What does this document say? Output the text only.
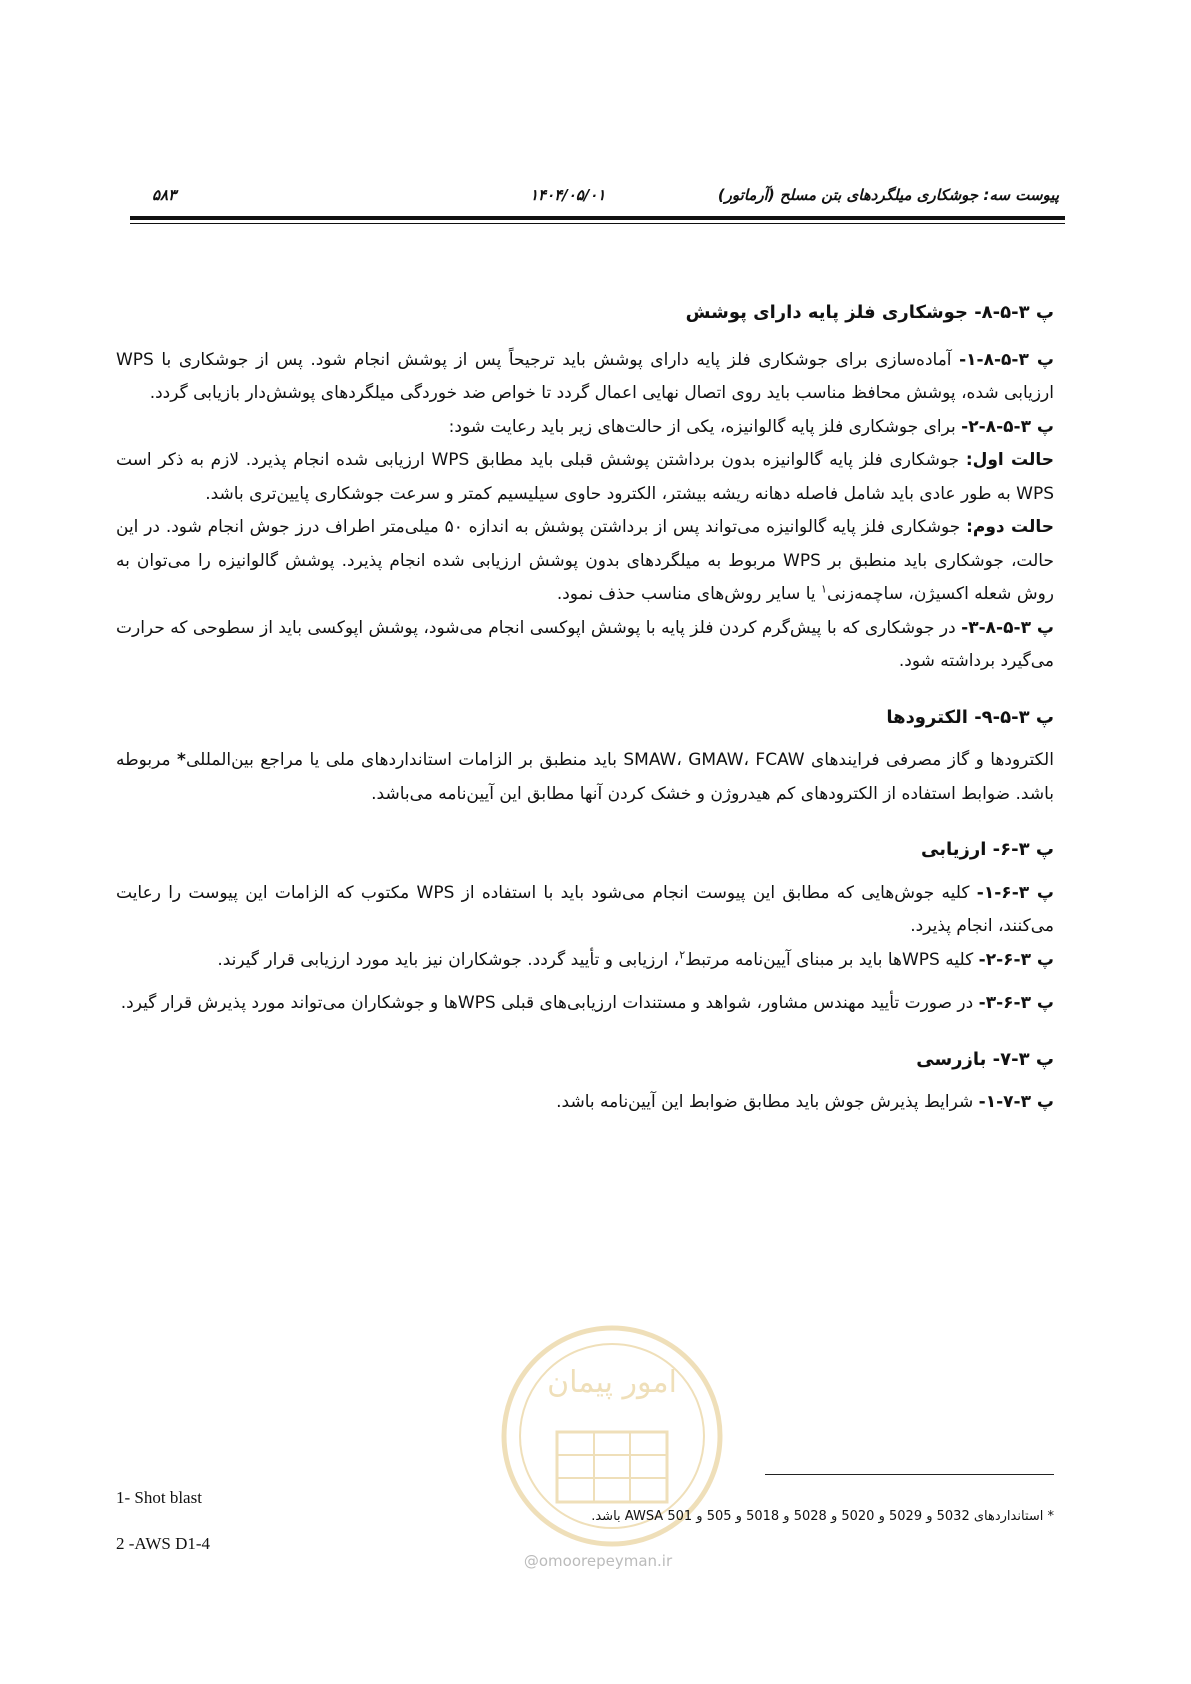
۵۸۳	۱۴۰۴/۰۵/۰۱	پیوست سه: جوشکاری میلگردهای بتن مسلح (آرماتور)

پ ۳-۵-۸- جوشکاری فلز پایه دارای پوشش

پ ۳-۵-۸-۱- آماده‌سازی برای جوشکاری فلز پایه دارای پوشش باید ترجیحاً پس از پوشش انجام شود. پس از جوشکاری با WPS ارزیابی شده، پوشش محافظ مناسب باید روی اتصال نهایی اعمال گردد تا خواص ضد خوردگی میلگردهای پوشش‌دار بازیابی گردد.

پ ۳-۵-۸-۲- برای جوشکاری فلز پایه گالوانیزه، یکی از حالت‌های زیر باید رعایت شود:

حالت اول: جوشکاری فلز پایه گالوانیزه بدون برداشتن پوشش قبلی باید مطابق WPS ارزیابی شده انجام پذیرد. لازم به ذکر است WPS به طور عادی باید شامل فاصله دهانه ریشه بیشتر، الکترود حاوی سیلیسیم کمتر و سرعت جوشکاری پایین‌تری باشد.

حالت دوم: جوشکاری فلز پایه گالوانیزه می‌تواند پس از برداشتن پوشش به اندازه ۵۰ میلی‌متر اطراف درز جوش انجام شود. در این حالت، جوشکاری باید منطبق بر WPS مربوط به میلگردهای بدون پوشش ارزیابی شده انجام پذیرد. پوشش گالوانیزه را می‌توان به روش شعله اکسیژن، ساچمه‌زنی$^۱$ یا سایر روش‌های مناسب حذف نمود.

پ ۳-۵-۸-۳- در جوشکاری که با پیش‌گرم کردن فلز پایه با پوشش اپوکسی انجام می‌شود، پوشش اپوکسی باید از سطوحی که حرارت می‌گیرد برداشته شود.

پ ۳-۵-۹- الکترودها

الکترودها و گاز مصرفی فرایندهای SMAW، GMAW، FCAW باید منطبق بر الزامات استانداردهای ملی یا مراجع بین‌المللی* مربوطه باشد. ضوابط استفاده از الکترودهای کم هیدروژن و خشک کردن آنها مطابق این آیین‌نامه می‌باشد.

پ ۳-۶- ارزیابی

پ ۳-۶-۱- کلیه جوش‌هایی که مطابق این پیوست انجام می‌شود باید با استفاده از WPS مکتوب که الزامات این پیوست را رعایت می‌کنند، انجام پذیرد.

پ ۳-۶-۲- کلیه WPSها باید بر مبنای آیین‌نامه مرتبط$^۲$، ارزیابی و تأیید گردد. جوشکاران نیز باید مورد ارزیابی قرار گیرند.

پ ۳-۶-۳- در صورت تأیید مهندس مشاور، شواهد و مستندات ارزیابی‌های قبلی WPSها و جوشکاران می‌تواند مورد پذیرش قرار گیرد.

پ ۳-۷- بازرسی

پ ۳-۷-۱- شرایط پذیرش جوش باید مطابق ضوابط این آیین‌نامه باشد.

امور پیمان
@omoorepeyman.ir
1- Shot blast
2 -AWS D1-4
* استانداردهای 5032 و 5029 و 5020 و 5028 و 5018 و 505 و AWSA 501 باشد.
